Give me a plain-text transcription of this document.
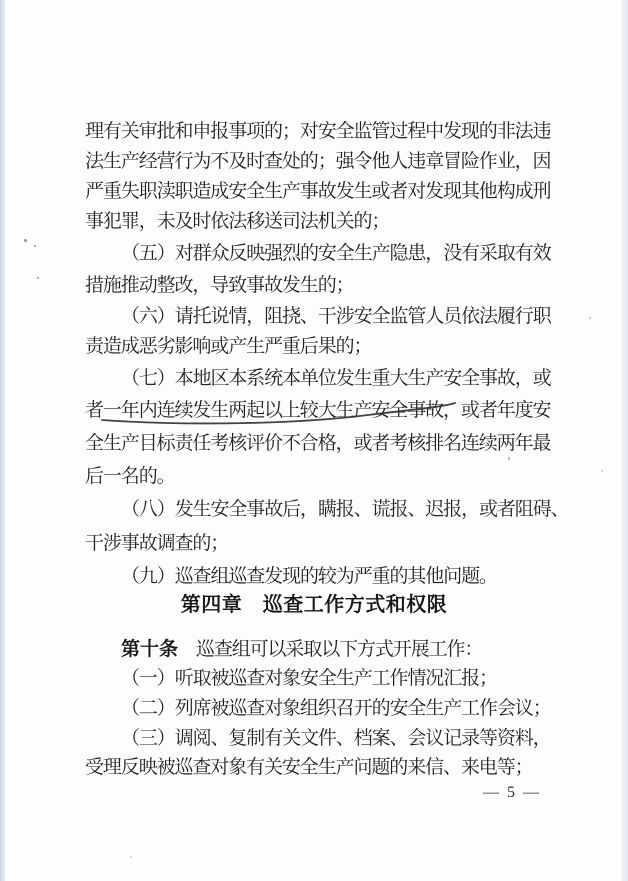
理有关审批和申报事项的；对安全监管过程中发现的非法违
法生产经营行为不及时查处的；强令他人违章冒险作业，因
严重失职渎职造成安全生产事故发生或者对发现其他构成刑
事犯罪，未及时依法移送司法机关的；
（五）对群众反映强烈的安全生产隐患，没有采取有效
措施推动整改，导致事故发生的；
（六）请托说情，阻挠、干涉安全监管人员依法履行职
责造成恶劣影响或产生严重后果的；
（七）本地区本系统本单位发生重大生产安全事故，或
者一年内连续发生两起以上较大生产安全事故，或者年度安
全生产目标责任考核评价不合格，或者考核排名连续两年最
后一名的。
（八）发生安全事故后，瞒报、谎报、迟报，或者阻碍、
干涉事故调查的；
（九）巡查组巡查发现的较为严重的其他问题。
第四章　巡查工作方式和权限
第十条　巡查组可以采取以下方式开展工作：
（一）听取被巡查对象安全生产工作情况汇报；
（二）列席被巡查对象组织召开的安全生产工作会议；
（三）调阅、复制有关文件、档案、会议记录等资料，
受理反映被巡查对象有关安全生产问题的来信、来电等；
— 5 —
